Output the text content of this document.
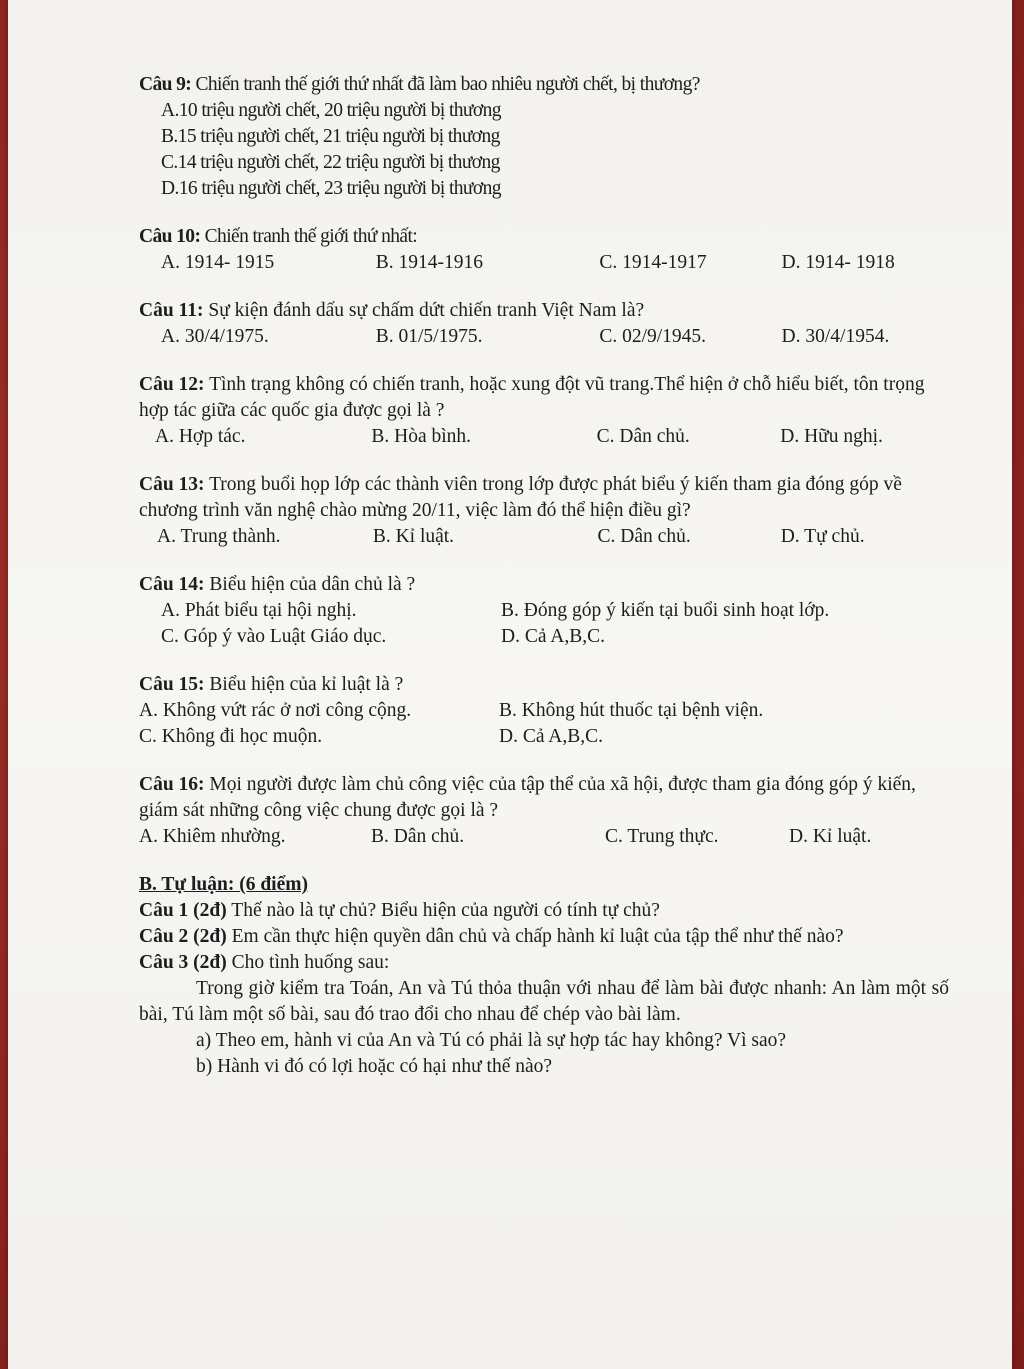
Câu 9: Chiến tranh thế giới thứ nhất đã làm bao nhiêu người chết, bị thương?

A.10 triệu người chết, 20 triệu người bị thương

B.15 triệu người chết, 21 triệu người bị thương

C.14 triệu người chết, 22 triệu người bị thương

D.16 triệu người chết, 23 triệu người bị thương

Câu 10: Chiến tranh thế giới thứ nhất:

A. 1914- 1915	B. 1914-1916	C. 1914-1917	D. 1914- 1918

Câu 11: Sự kiện đánh dấu sự chấm dứt chiến tranh Việt Nam là?

A. 30/4/1975.	B. 01/5/1975.	C. 02/9/1945.	D. 30/4/1954.

Câu 12: Tình trạng không có chiến tranh, hoặc xung đột vũ trang.Thể hiện ở chỗ hiểu biết, tôn trọng hợp tác giữa các quốc gia được gọi là ?

A. Hợp tác.	B. Hòa bình.	C. Dân chủ.	D. Hữu nghị.

Câu 13: Trong buổi họp lớp các thành viên trong lớp được phát biểu ý kiến tham gia đóng góp về chương trình văn nghệ chào mừng 20/11, việc làm đó thể hiện điều gì?

A. Trung thành.	B. Kỉ luật.	C. Dân chủ.	D. Tự chủ.

Câu 14: Biểu hiện của dân chủ là ?

A. Phát biểu tại hội nghị.	B. Đóng góp ý kiến tại buổi sinh hoạt lớp.
C. Góp ý vào Luật Giáo dục.	D. Cả A,B,C.

Câu 15: Biểu hiện của kỉ luật là ?

A. Không vứt rác ở nơi công cộng.	B. Không hút thuốc tại bệnh viện.
C. Không đi học muộn.	D. Cả A,B,C.

Câu 16: Mọi người được làm chủ công việc của tập thể của xã hội, được tham gia đóng góp ý kiến, giám sát những công việc chung được gọi là ?

A. Khiêm nhường.	B. Dân chủ.	C. Trung thực.	D. Kỉ luật.

B. Tự luận: (6 điểm)

Câu 1 (2đ) Thế nào là tự chủ? Biểu hiện của người có tính tự chủ?

Câu 2 (2đ) Em cần thực hiện quyền dân chủ và chấp hành kỉ luật của tập thể như thế nào?

Câu 3 (2đ) Cho tình huống sau:

Trong giờ kiểm tra Toán, An và Tú thỏa thuận với nhau để làm bài được nhanh: An làm một số bài, Tú làm một số bài, sau đó trao đổi cho nhau để chép vào bài làm.

a) Theo em, hành vi của An và Tú có phải là sự hợp tác hay không? Vì sao?

b) Hành vi đó có lợi hoặc có hại như thế nào?
